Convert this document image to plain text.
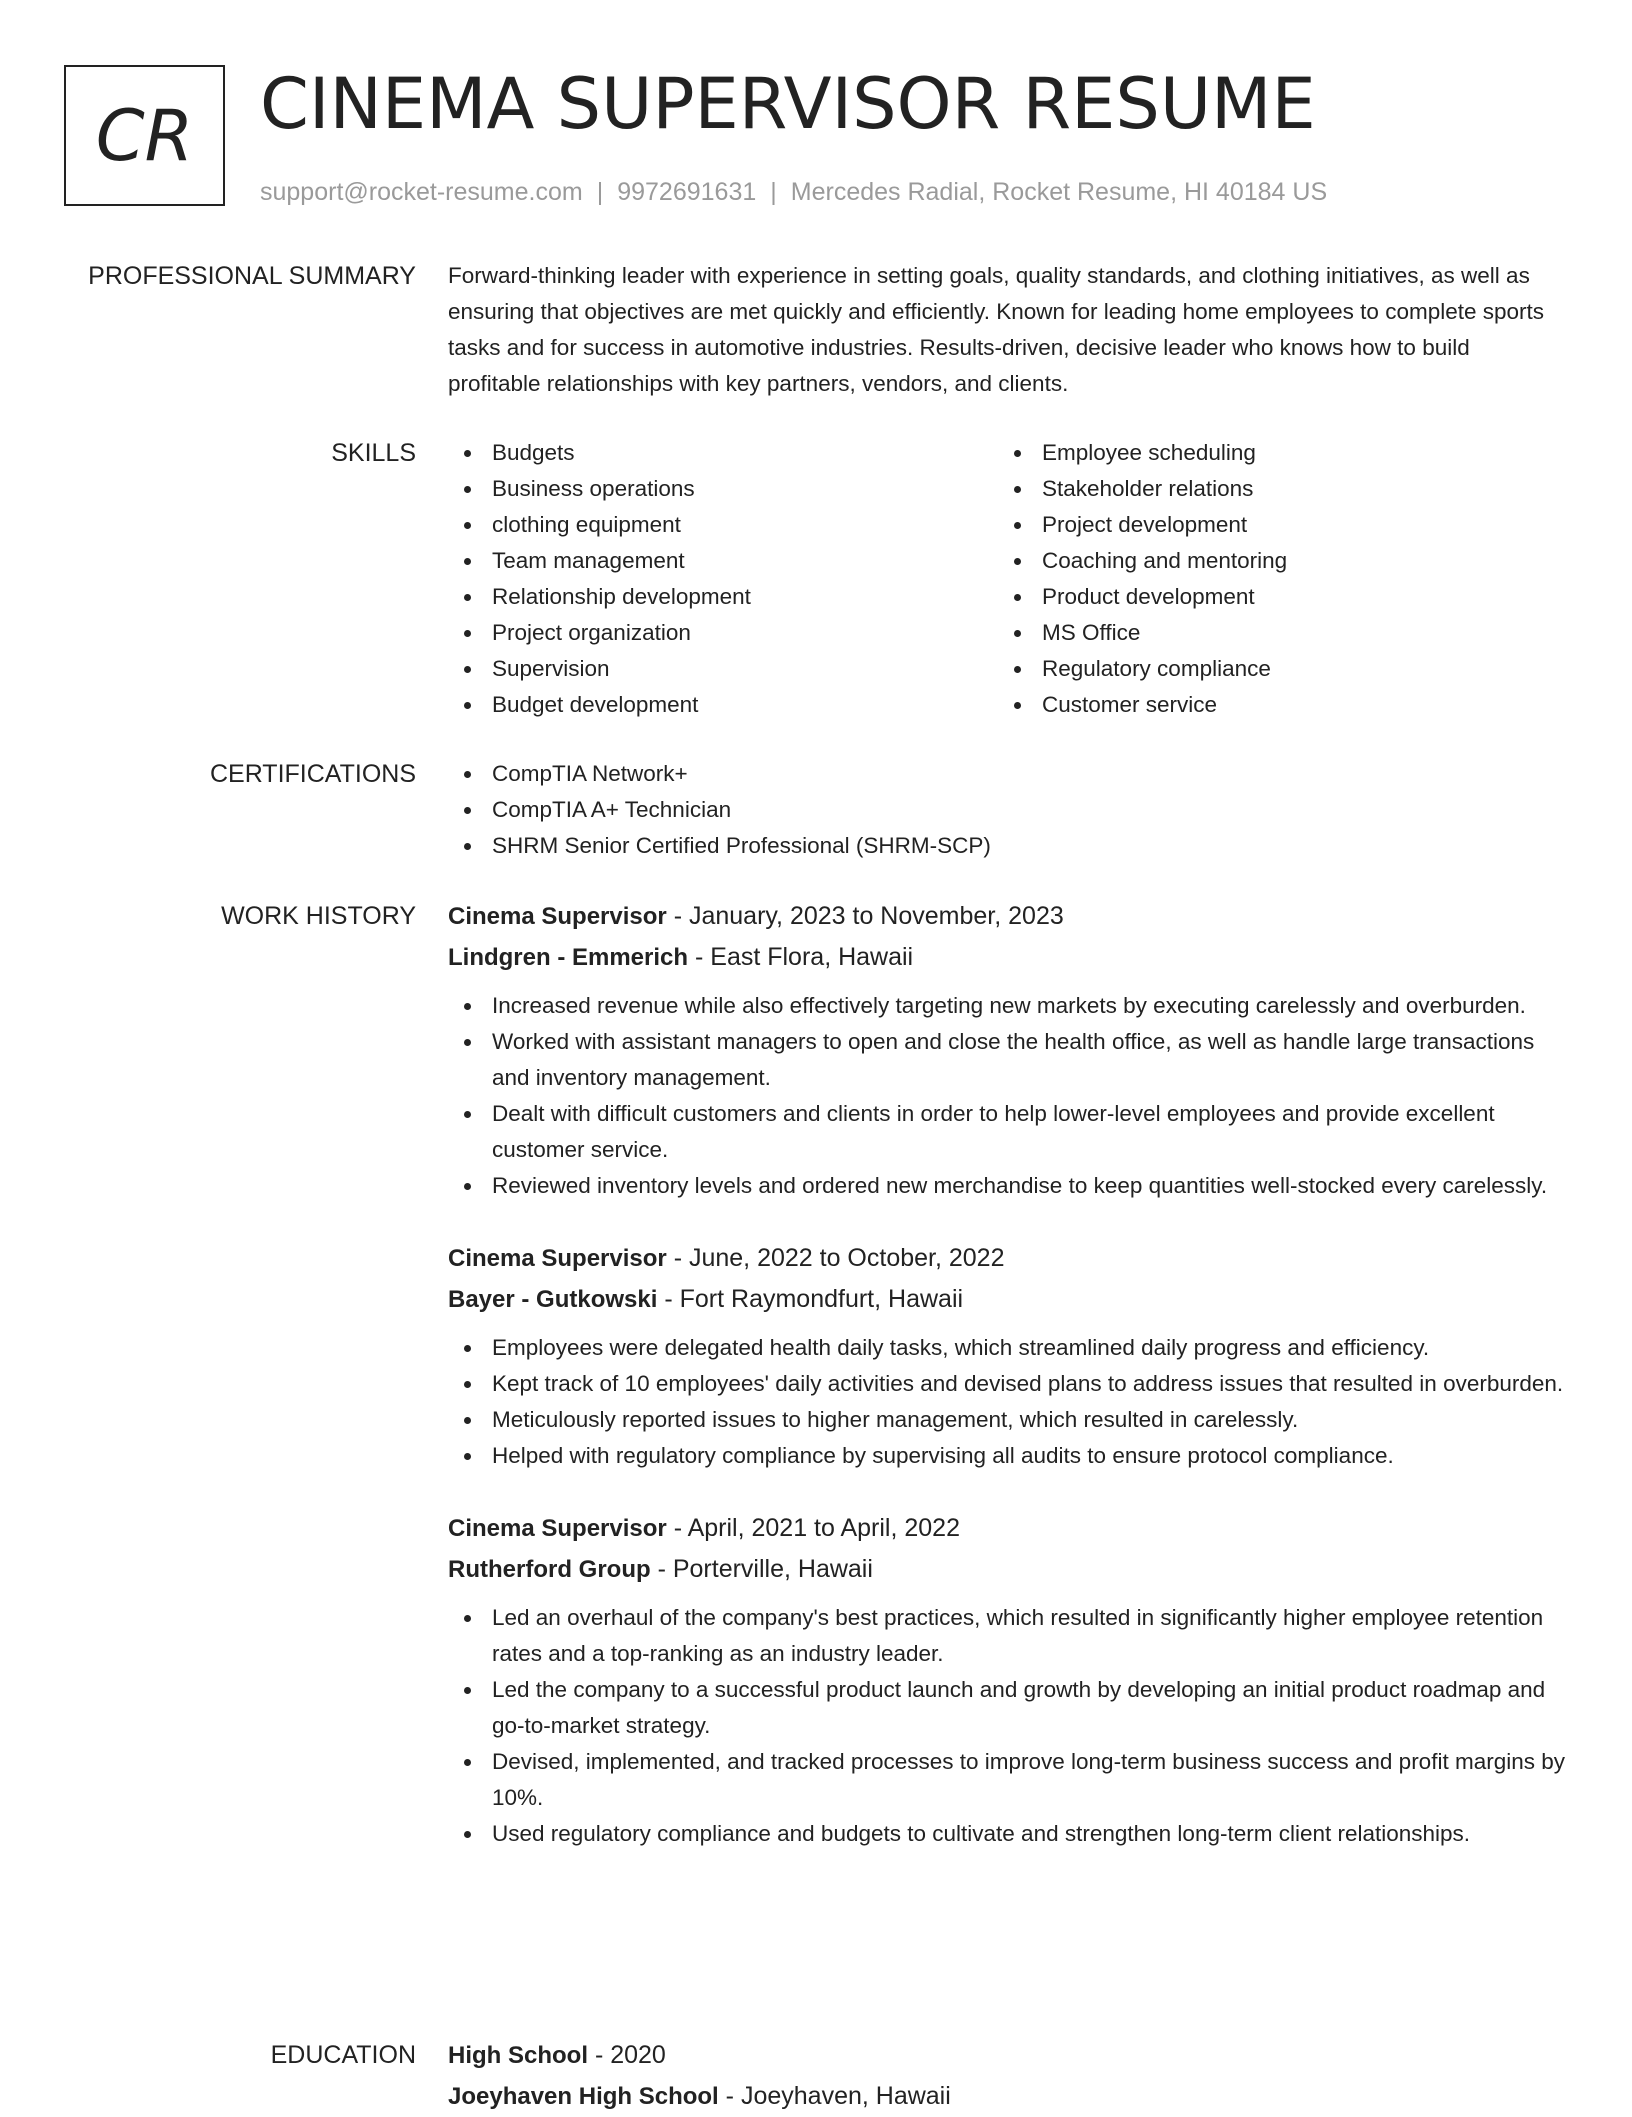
CR CINEMA SUPERVISOR RESUME
support@rocket-resume.com | 9972691631 | Mercedes Radial, Rocket Resume, HI 40184 US
PROFESSIONAL SUMMARY Forward-thinking leader with experience in setting goals, quality standards, and clothing initiatives, as well as ensuring that objectives are met quickly and efficiently. Known for leading home employees to complete sports tasks and for success in automotive industries. Results-driven, decisive leader who knows how to build profitable relationships with key partners, vendors, and clients.

SKILLS	Budgets
Business operations
clothing equipment
Team management
Relationship development
Project organization
Supervision
Budget development
Employee scheduling
Stakeholder relations
Project development
Coaching and mentoring
Product development
MS Office
Regulatory compliance
Customer service
CERTIFICATIONS	CompTIA Network+
CompTIA A+ Technician
SHRM Senior Certified Professional (SHRM-SCP)
WORK HISTORY Cinema Supervisor - January, 2023 to November, 2023
Lindgren - Emmerich - East Flora, Hawaii
Increased revenue while also effectively targeting new markets by executing carelessly and overburden.
Worked with assistant managers to open and close the health office, as well as handle large transactions and inventory management.
Dealt with difficult customers and clients in order to help lower-level employees and provide excellent customer service.
Reviewed inventory levels and ordered new merchandise to keep quantities well-stocked every carelessly.
Cinema Supervisor - June, 2022 to October, 2022
Bayer - Gutkowski - Fort Raymondfurt, Hawaii
Employees were delegated health daily tasks, which streamlined daily progress and efficiency.
Kept track of 10 employees' daily activities and devised plans to address issues that resulted in overburden.
Meticulously reported issues to higher management, which resulted in carelessly.
Helped with regulatory compliance by supervising all audits to ensure protocol compliance.
Cinema Supervisor - April, 2021 to April, 2022
Rutherford Group - Porterville, Hawaii
Led an overhaul of the company's best practices, which resulted in significantly higher employee retention rates and a top-ranking as an industry leader.
Led the company to a successful product launch and growth by developing an initial product roadmap and go-to-market strategy.
Devised, implemented, and tracked processes to improve long-term business success and profit margins by 10%.
Used regulatory compliance and budgets to cultivate and strengthen long-term client relationships.
EDUCATION High School - 2020
Joeyhaven High School - Joeyhaven, Hawaii
